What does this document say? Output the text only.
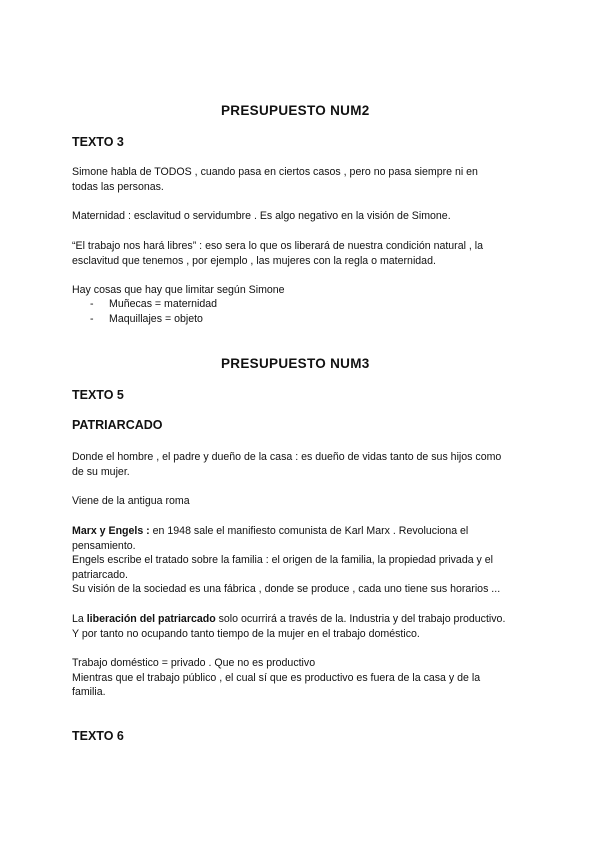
PRESUPUESTO NUM2
TEXTO 3
Simone habla de TODOS , cuando pasa en ciertos casos , pero no pasa siempre ni en
todas las personas.
Maternidad : esclavitud o servidumbre . Es algo negativo en la visión de Simone.
“El trabajo nos hará libres” : eso sera lo que os liberará de nuestra condición natural , la
esclavitud que tenemos , por ejemplo , las mujeres con la regla o maternidad.
Hay cosas que hay que limitar según Simone
- Muñecas = maternidad
- Maquillajes = objeto
PRESUPUESTO NUM3
TEXTO 5
PATRIARCADO
Donde el hombre , el padre y dueño de la casa : es dueño de vidas tanto de sus hijos como
de su mujer.
Viene de la antigua roma
Marx y Engels : en 1948 sale el manifiesto comunista de Karl Marx . Revoluciona el
pensamiento.
Engels escribe el tratado sobre la familia : el origen de la familia, la propiedad privada y el
patriarcado.
Su visión de la sociedad es una fábrica , donde se produce , cada uno tiene sus horarios ...
La liberación del patriarcado solo ocurrirá a través de la. Industria y del trabajo productivo.
Y por tanto no ocupando tanto tiempo de la mujer en el trabajo doméstico.
Trabajo doméstico = privado . Que no es productivo
Mientras que el trabajo público , el cual sí que es productivo es fuera de la casa y de la
familia.
TEXTO 6
